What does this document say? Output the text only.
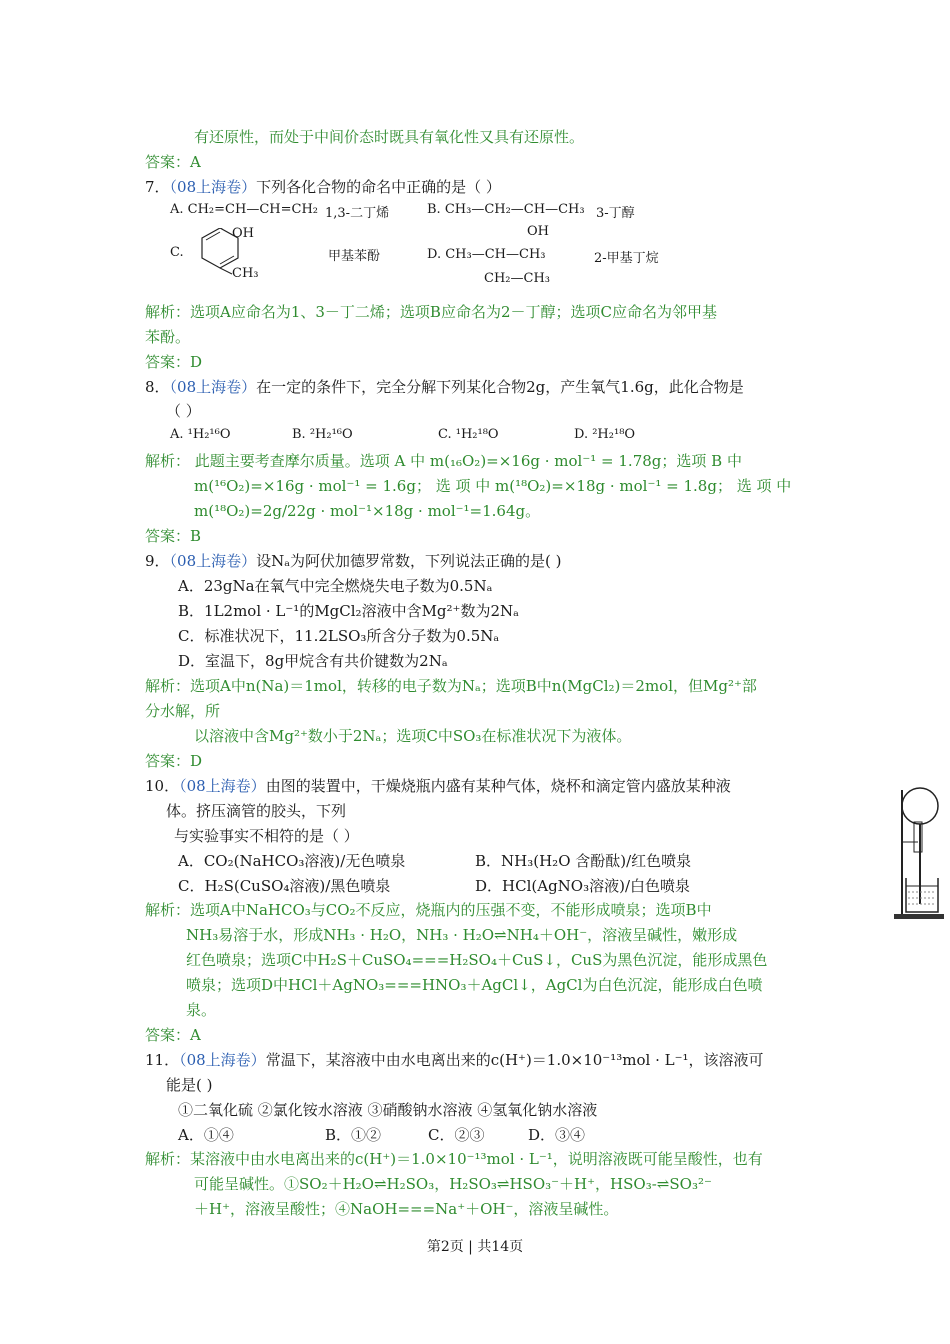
有还原性，而处于中间价态时既具有氧化性又具有还原性。
答案：A
7．（08上海卷）下列各化合物的命名中正确的是（ ）
A. CH₂=CH—CH=CH₂ 1,3-二丁烯	B. CH₃—CH₂—CH—CH₃
OH
3-丁醇
C.
OH
CH₃
甲基苯酚	D. CH₃—CH—CH₃
CH₂—CH₃
2-甲基丁烷
解析：选项A应命名为1、3－丁二烯；选项B应命名为2－丁醇；选项C应命名为邻甲基
苯酚。
答案：D
8．（08上海卷）在一定的条件下，完全分解下列某化合物2g，产生氧气1.6g，此化合物是
（ ）
A. ¹H₂¹⁶O	B. ²H₂¹⁶O	C. ¹H₂¹⁸O	D. ²H₂¹⁸O
解析： 此题主要考查摩尔质量。选项 A 中 m(₁₆O₂)=×16g · mol⁻¹ = 1.78g；选项 B 中
m(¹⁶O₂)=×16g · mol⁻¹ = 1.6g； 选 项 中 m(¹⁸O₂)=×18g · mol⁻¹ = 1.8g； 选 项 中
m(¹⁸O₂)=2g/22g · mol⁻¹×18g · mol⁻¹=1.64g。
答案：B
9．（08上海卷）设Nₐ为阿伏加德罗常数，下列说法正确的是( )
A．23gNa在氧气中完全燃烧失电子数为0.5Nₐ
B．1L2mol · L⁻¹的MgCl₂溶液中含Mg²⁺数为2Nₐ
C．标准状况下，11.2LSO₃所含分子数为0.5Nₐ
D．室温下，8g甲烷含有共价键数为2Nₐ
解析：选项A中n(Na)＝1mol，转移的电子数为Nₐ；选项B中n(MgCl₂)＝2mol，但Mg²⁺部
分水解，所
以溶液中含Mg²⁺数小于2Nₐ；选项C中SO₃在标准状况下为液体。
答案：D
10．（08上海卷）由图的装置中，干燥烧瓶内盛有某种气体，烧杯和滴定管内盛放某种液
体。挤压滴管的胶头，下列
与实验事实不相符的是（ ）
A．CO₂(NaHCO₃溶液)/无色喷泉	B．NH₃(H₂O 含酚酞)/红色喷泉
C．H₂S(CuSO₄溶液)/黑色喷泉	D．HCl(AgNO₃溶液)/白色喷泉
解析：选项A中NaHCO₃与CO₂不反应，烧瓶内的压强不变，不能形成喷泉；选项B中
NH₃易溶于水，形成NH₃ · H₂O，NH₃ · H₂O⇌NH₄＋OH⁻，溶液呈碱性，嫩形成
红色喷泉；选项C中H₂S＋CuSO₄===H₂SO₄＋CuS↓，CuS为黑色沉淀，能形成黑色
喷泉；选项D中HCl＋AgNO₃===HNO₃＋AgCl↓，AgCl为白色沉淀，能形成白色喷
泉。
答案：A
11．（08上海卷）常温下，某溶液中由水电离出来的c(H⁺)＝1.0×10⁻¹³mol · L⁻¹，该溶液可
能是( )
①二氧化硫 ②氯化铵水溶液 ③硝酸钠水溶液 ④氢氧化钠水溶液
A．①④	B．①②	C．②③	D．③④
解析：某溶液中由水电离出来的c(H⁺)＝1.0×10⁻¹³mol · L⁻¹，说明溶液既可能呈酸性，也有
可能呈碱性。①SO₂＋H₂O⇌H₂SO₃，H₂SO₃⇌HSO₃⁻＋H⁺，HSO₃-⇌SO₃²⁻
＋H⁺，溶液呈酸性；④NaOH===Na⁺＋OH⁻，溶液呈碱性。
第2页 | 共14页
